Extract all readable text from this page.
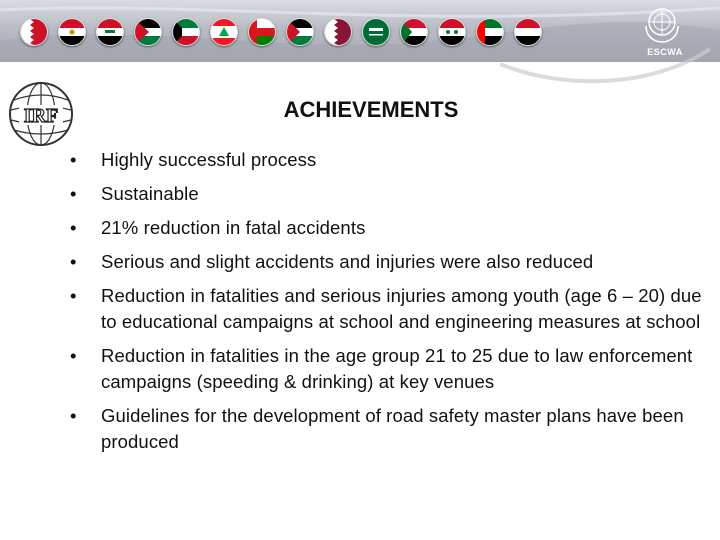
ESCWA
IRF	ACHIEVEMENTS
• Highly successful process
• Sustainable
• 21% reduction in fatal accidents
• Serious and slight accidents and injuries were also reduced
• Reduction in fatalities and serious injuries among youth (age 6 – 20) due to educational campaigns at school and engineering measures at school
• Reduction in fatalities in the age group 21 to 25 due to law enforcement campaigns (speeding & drinking) at key venues
• Guidelines for the development of road safety master plans have been produced
